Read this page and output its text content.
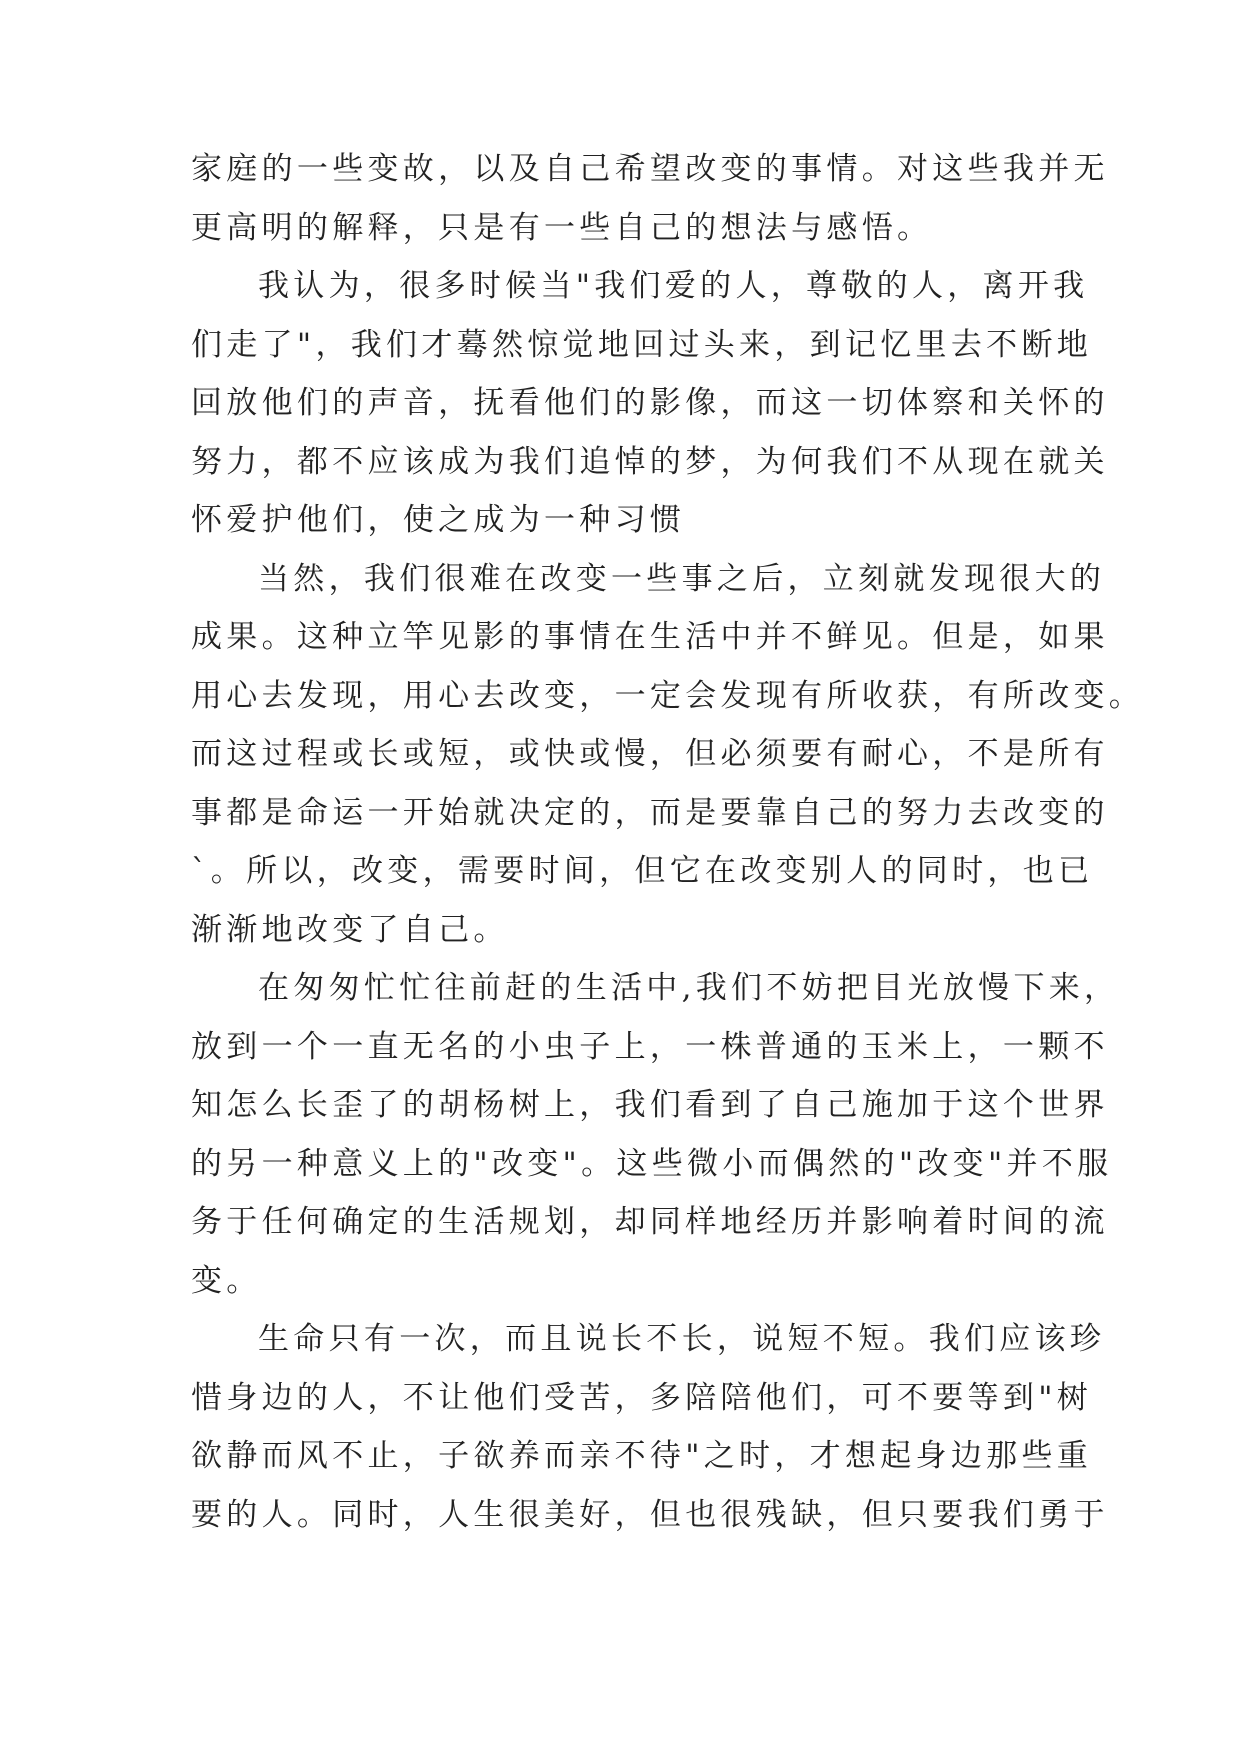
家庭的一些变故，以及自己希望改变的事情。对这些我并无
更高明的解释，只是有一些自己的想法与感悟。
我认为，很多时候当"我们爱的人，尊敬的人，离开我
们走了"，我们才蓦然惊觉地回过头来，到记忆里去不断地
回放他们的声音，抚看他们的影像，而这一切体察和关怀的
努力，都不应该成为我们追悼的梦，为何我们不从现在就关
怀爱护他们，使之成为一种习惯
当然，我们很难在改变一些事之后，立刻就发现很大的
成果。这种立竿见影的事情在生活中并不鲜见。但是，如果
用心去发现，用心去改变，一定会发现有所收获，有所改变。
而这过程或长或短，或快或慢，但必须要有耐心，不是所有
事都是命运一开始就决定的，而是要靠自己的努力去改变的
`。所以，改变，需要时间，但它在改变别人的同时，也已
渐渐地改变了自己。
在匆匆忙忙往前赶的生活中,我们不妨把目光放慢下来，
放到一个一直无名的小虫子上，一株普通的玉米上，一颗不
知怎么长歪了的胡杨树上，我们看到了自己施加于这个世界
的另一种意义上的"改变"。这些微小而偶然的"改变"并不服
务于任何确定的生活规划，却同样地经历并影响着时间的流
变。
生命只有一次，而且说长不长，说短不短。我们应该珍
惜身边的人，不让他们受苦，多陪陪他们，可不要等到"树
欲静而风不止，子欲养而亲不待"之时，才想起身边那些重
要的人。同时，人生很美好，但也很残缺，但只要我们勇于
